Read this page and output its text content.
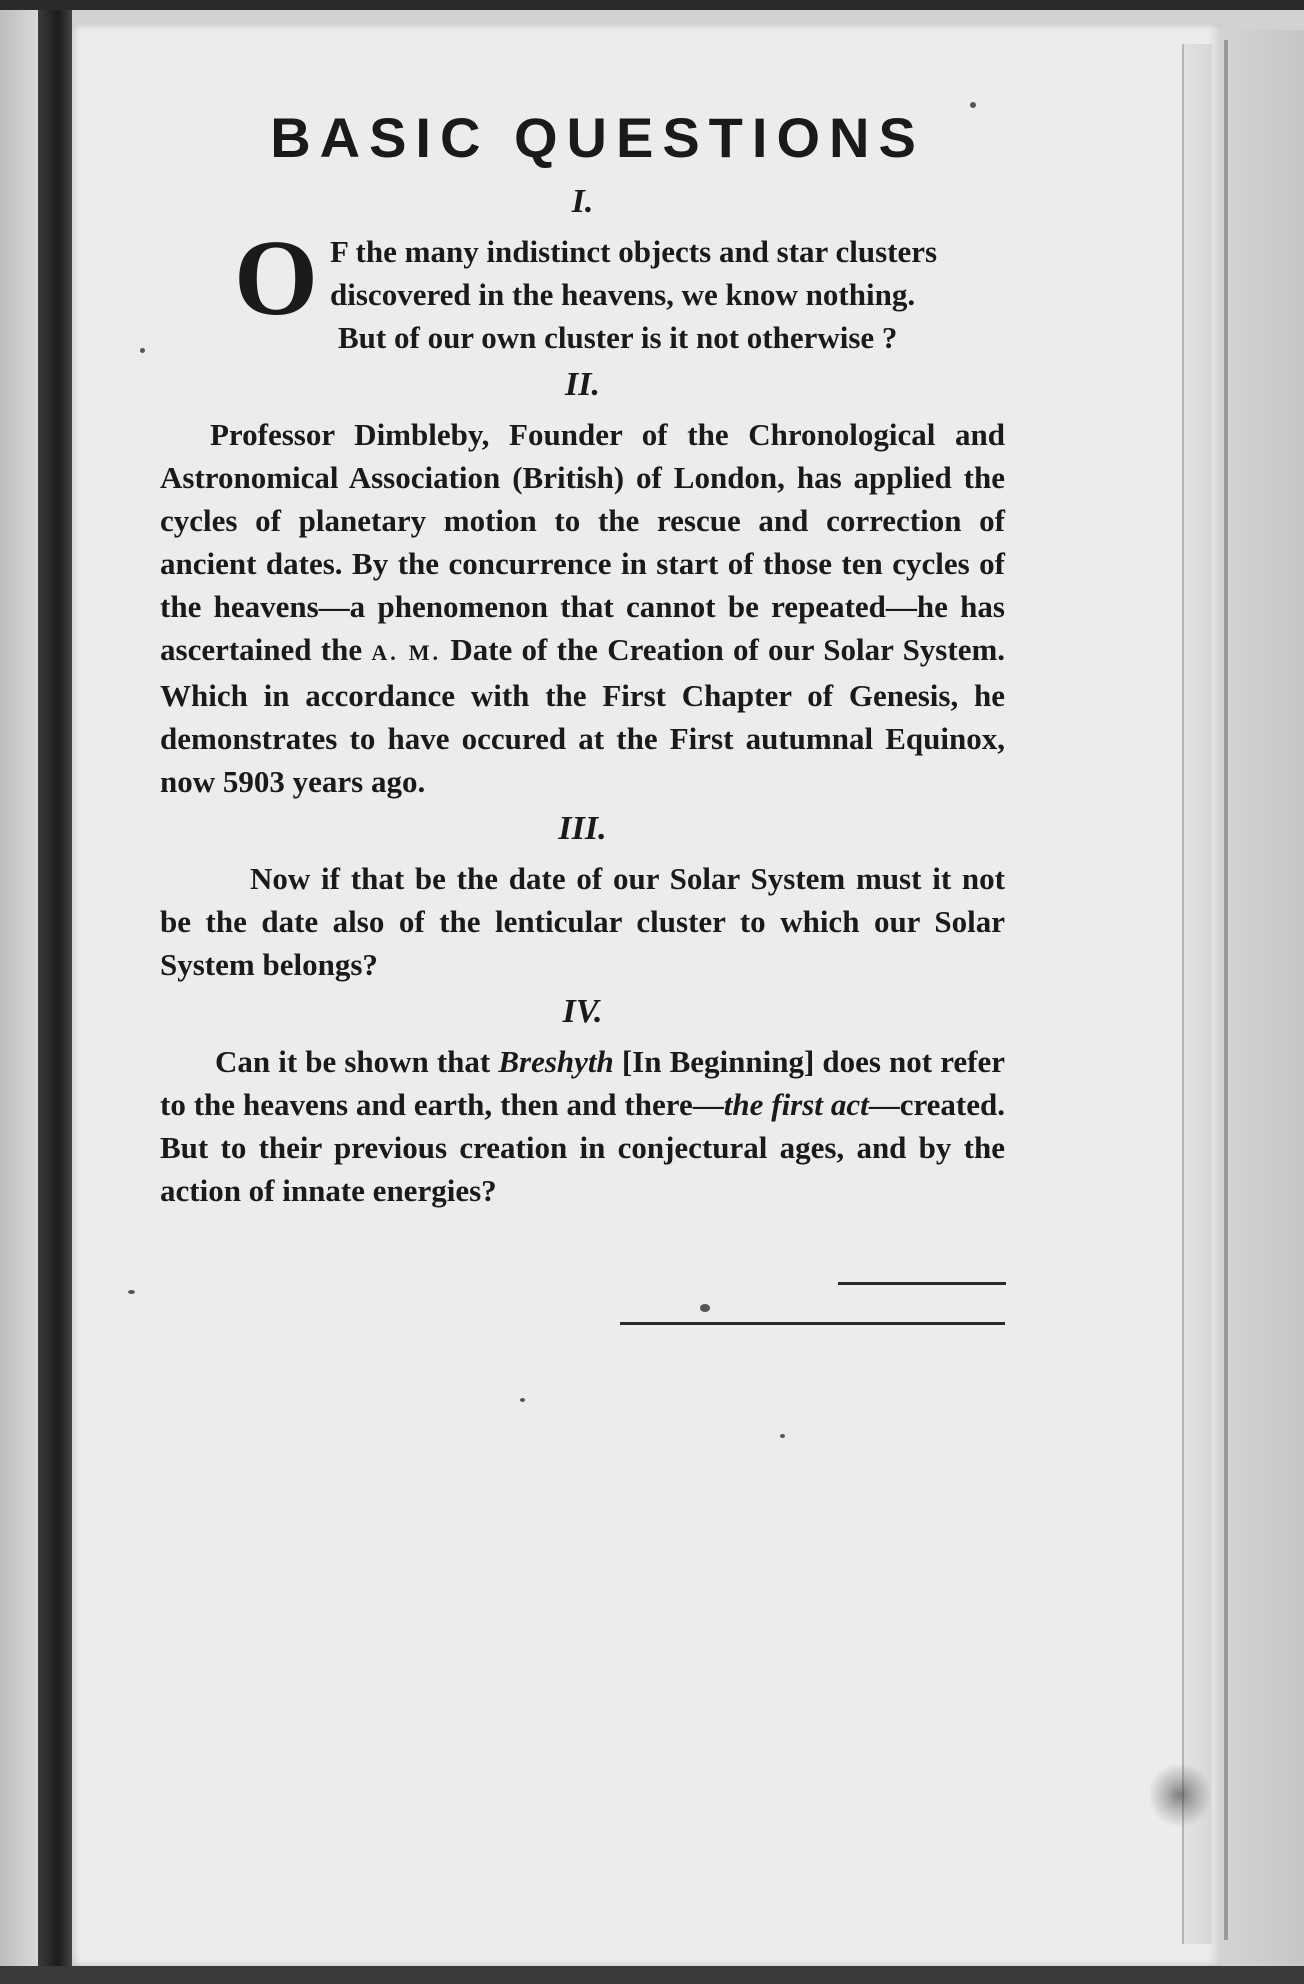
BASIC QUESTIONS
I.
O F the many indistinct objects and star clusters
discovered in the heavens, we know nothing.

But of our own cluster is it not otherwise ?
II.

Professor Dimbleby, Founder of the Chronological and Astronomical Association (British) of London, has applied the cycles of planetary motion to the rescue and correction of ancient dates. By the concurrence in start of those ten cycles of the heavens—a phenomenon that cannot be repeated—he has ascertained the A. M. Date of the Creation of our Solar System. Which in accordance with the First Chapter of Genesis, he demonstrates to have occured at the First autumnal Equinox, now 5903 years ago.

III.

Now if that be the date of our Solar System must it not be the date also of the lenticular cluster to which our Solar System belongs?

IV.

Can it be shown that Breshyth [In Beginning] does not refer to the heavens and earth, then and there—the first act—created. But to their previous creation in conjectural ages, and by the action of innate energies?
